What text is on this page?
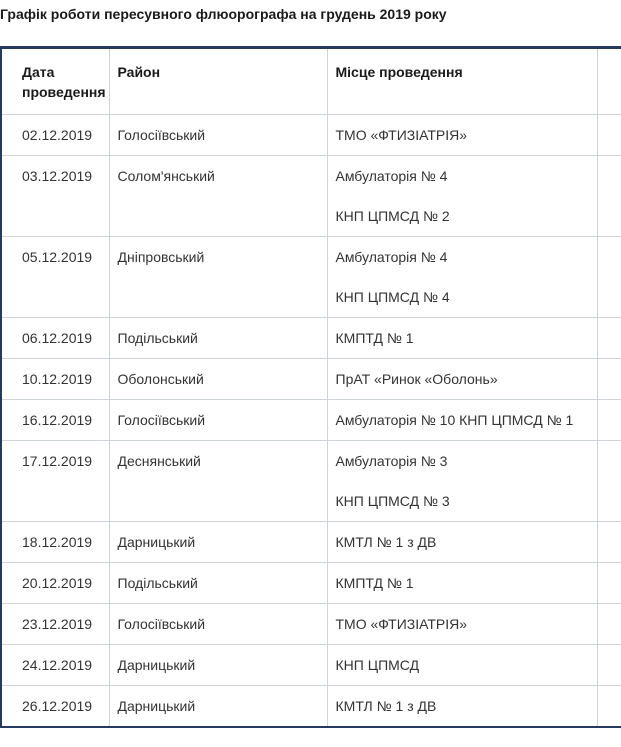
Графік роботи пересувного флюорографа на грудень 2019 року
Дата проведення	Район	Місце проведення	

02.12.2019	Голосіївський	ТМО «ФТИЗІАТРІЯ»	

03.12.2019	Солом'янський	Амбулаторія № 4
КНП ЦПМСД № 2	

05.12.2019	Дніпровський	Амбулаторія № 4
КНП ЦПМСД № 4	

06.12.2019	Подільський	КМПТД № 1	

10.12.2019	Оболонський	ПрАТ «Ринок «Оболонь»	

16.12.2019	Голосіївський	Амбулаторія № 10 КНП ЦПМСД № 1	

17.12.2019	Деснянський	Амбулаторія № 3
КНП ЦПМСД № 3	

18.12.2019	Дарницький	КМТЛ № 1 з ДВ	

20.12.2019	Подільський	КМПТД № 1	

23.12.2019	Голосіївський	ТМО «ФТИЗІАТРІЯ»	

24.12.2019	Дарницький	КНП ЦПМСД	

26.12.2019	Дарницький	КМТЛ № 1 з ДВ	
